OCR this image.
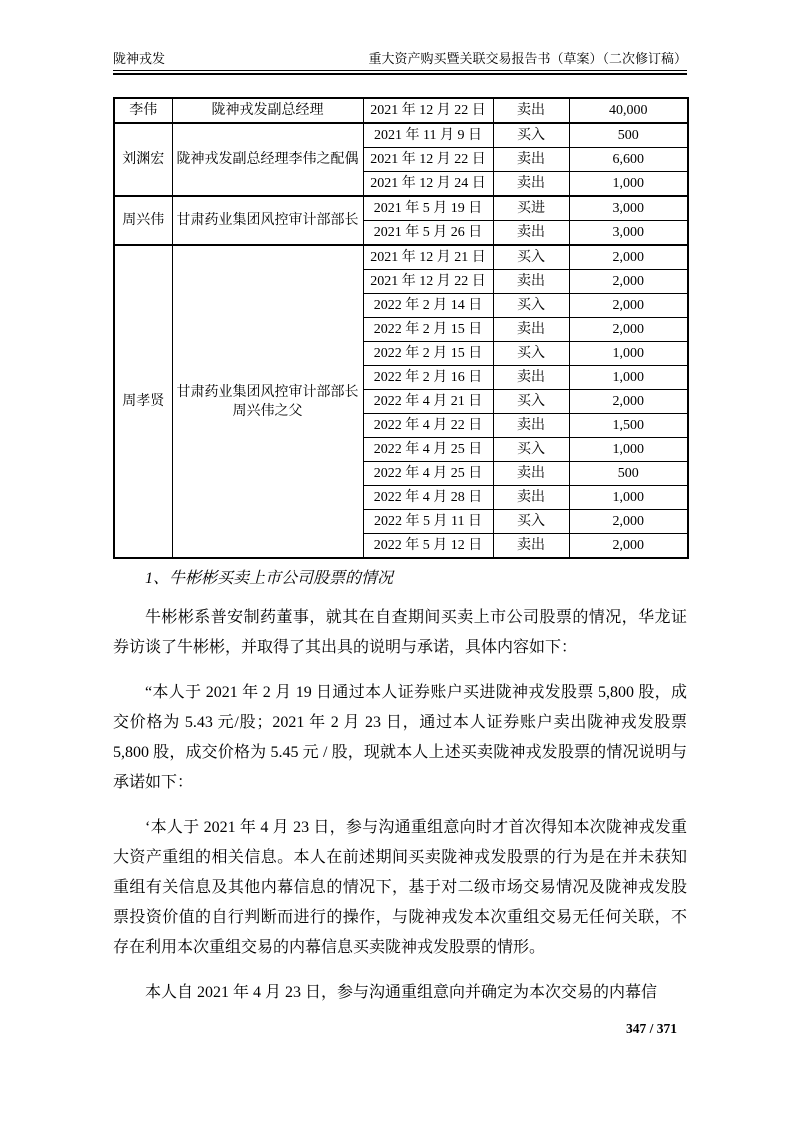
陇神戎发	重大资产购买暨关联交易报告书（草案）（二次修订稿）
李伟	陇神戎发副总经理	2021 年 12 月 22 日	卖出	40,000
刘渊宏	陇神戎发副总经理李伟之配偶	2021 年 11 月 9 日	买入	500
		2021 年 12 月 22 日	卖出	6,600
		2021 年 12 月 24 日	卖出	1,000
周兴伟	甘肃药业集团风控审计部部长	2021 年 5 月 19 日	买进	3,000
		2021 年 5 月 26 日	卖出	3,000
周孝贤	甘肃药业集团风控审计部部长周兴伟之父	2021 年 12 月 21 日	买入	2,000
		2021 年 12 月 22 日	卖出	2,000
		2022 年 2 月 14 日	买入	2,000
		2022 年 2 月 15 日	卖出	2,000
		2022 年 2 月 15 日	买入	1,000
		2022 年 2 月 16 日	卖出	1,000
		2022 年 4 月 21 日	买入	2,000
		2022 年 4 月 22 日	卖出	1,500
		2022 年 4 月 25 日	买入	1,000
		2022 年 4 月 25 日	卖出	500
		2022 年 4 月 28 日	卖出	1,000
		2022 年 5 月 11 日	买入	2,000
		2022 年 5 月 12 日	卖出	2,000
1、牛彬彬买卖上市公司股票的情况

牛彬彬系普安制药董事，就其在自查期间买卖上市公司股票的情况，华龙证券访谈了牛彬彬，并取得了其出具的说明与承诺，具体内容如下：

“本人于 2021 年 2 月 19 日通过本人证券账户买进陇神戎发股票 5,800 股，成交价格为 5.43 元/股；2021 年 2 月 23 日，通过本人证券账户卖出陇神戎发股票 5,800 股，成交价格为 5.45 元 / 股，现就本人上述买卖陇神戎发股票的情况说明与承诺如下：

‘本人于 2021 年 4 月 23 日，参与沟通重组意向时才首次得知本次陇神戎发重大资产重组的相关信息。本人在前述期间买卖陇神戎发股票的行为是在并未获知重组有关信息及其他内幕信息的情况下，基于对二级市场交易情况及陇神戎发股票投资价值的自行判断而进行的操作，与陇神戎发本次重组交易无任何关联，不存在利用本次重组交易的内幕信息买卖陇神戎发股票的情形。

本人自 2021 年 4 月 23 日，参与沟通重组意向并确定为本次交易的内幕信

347 / 371
